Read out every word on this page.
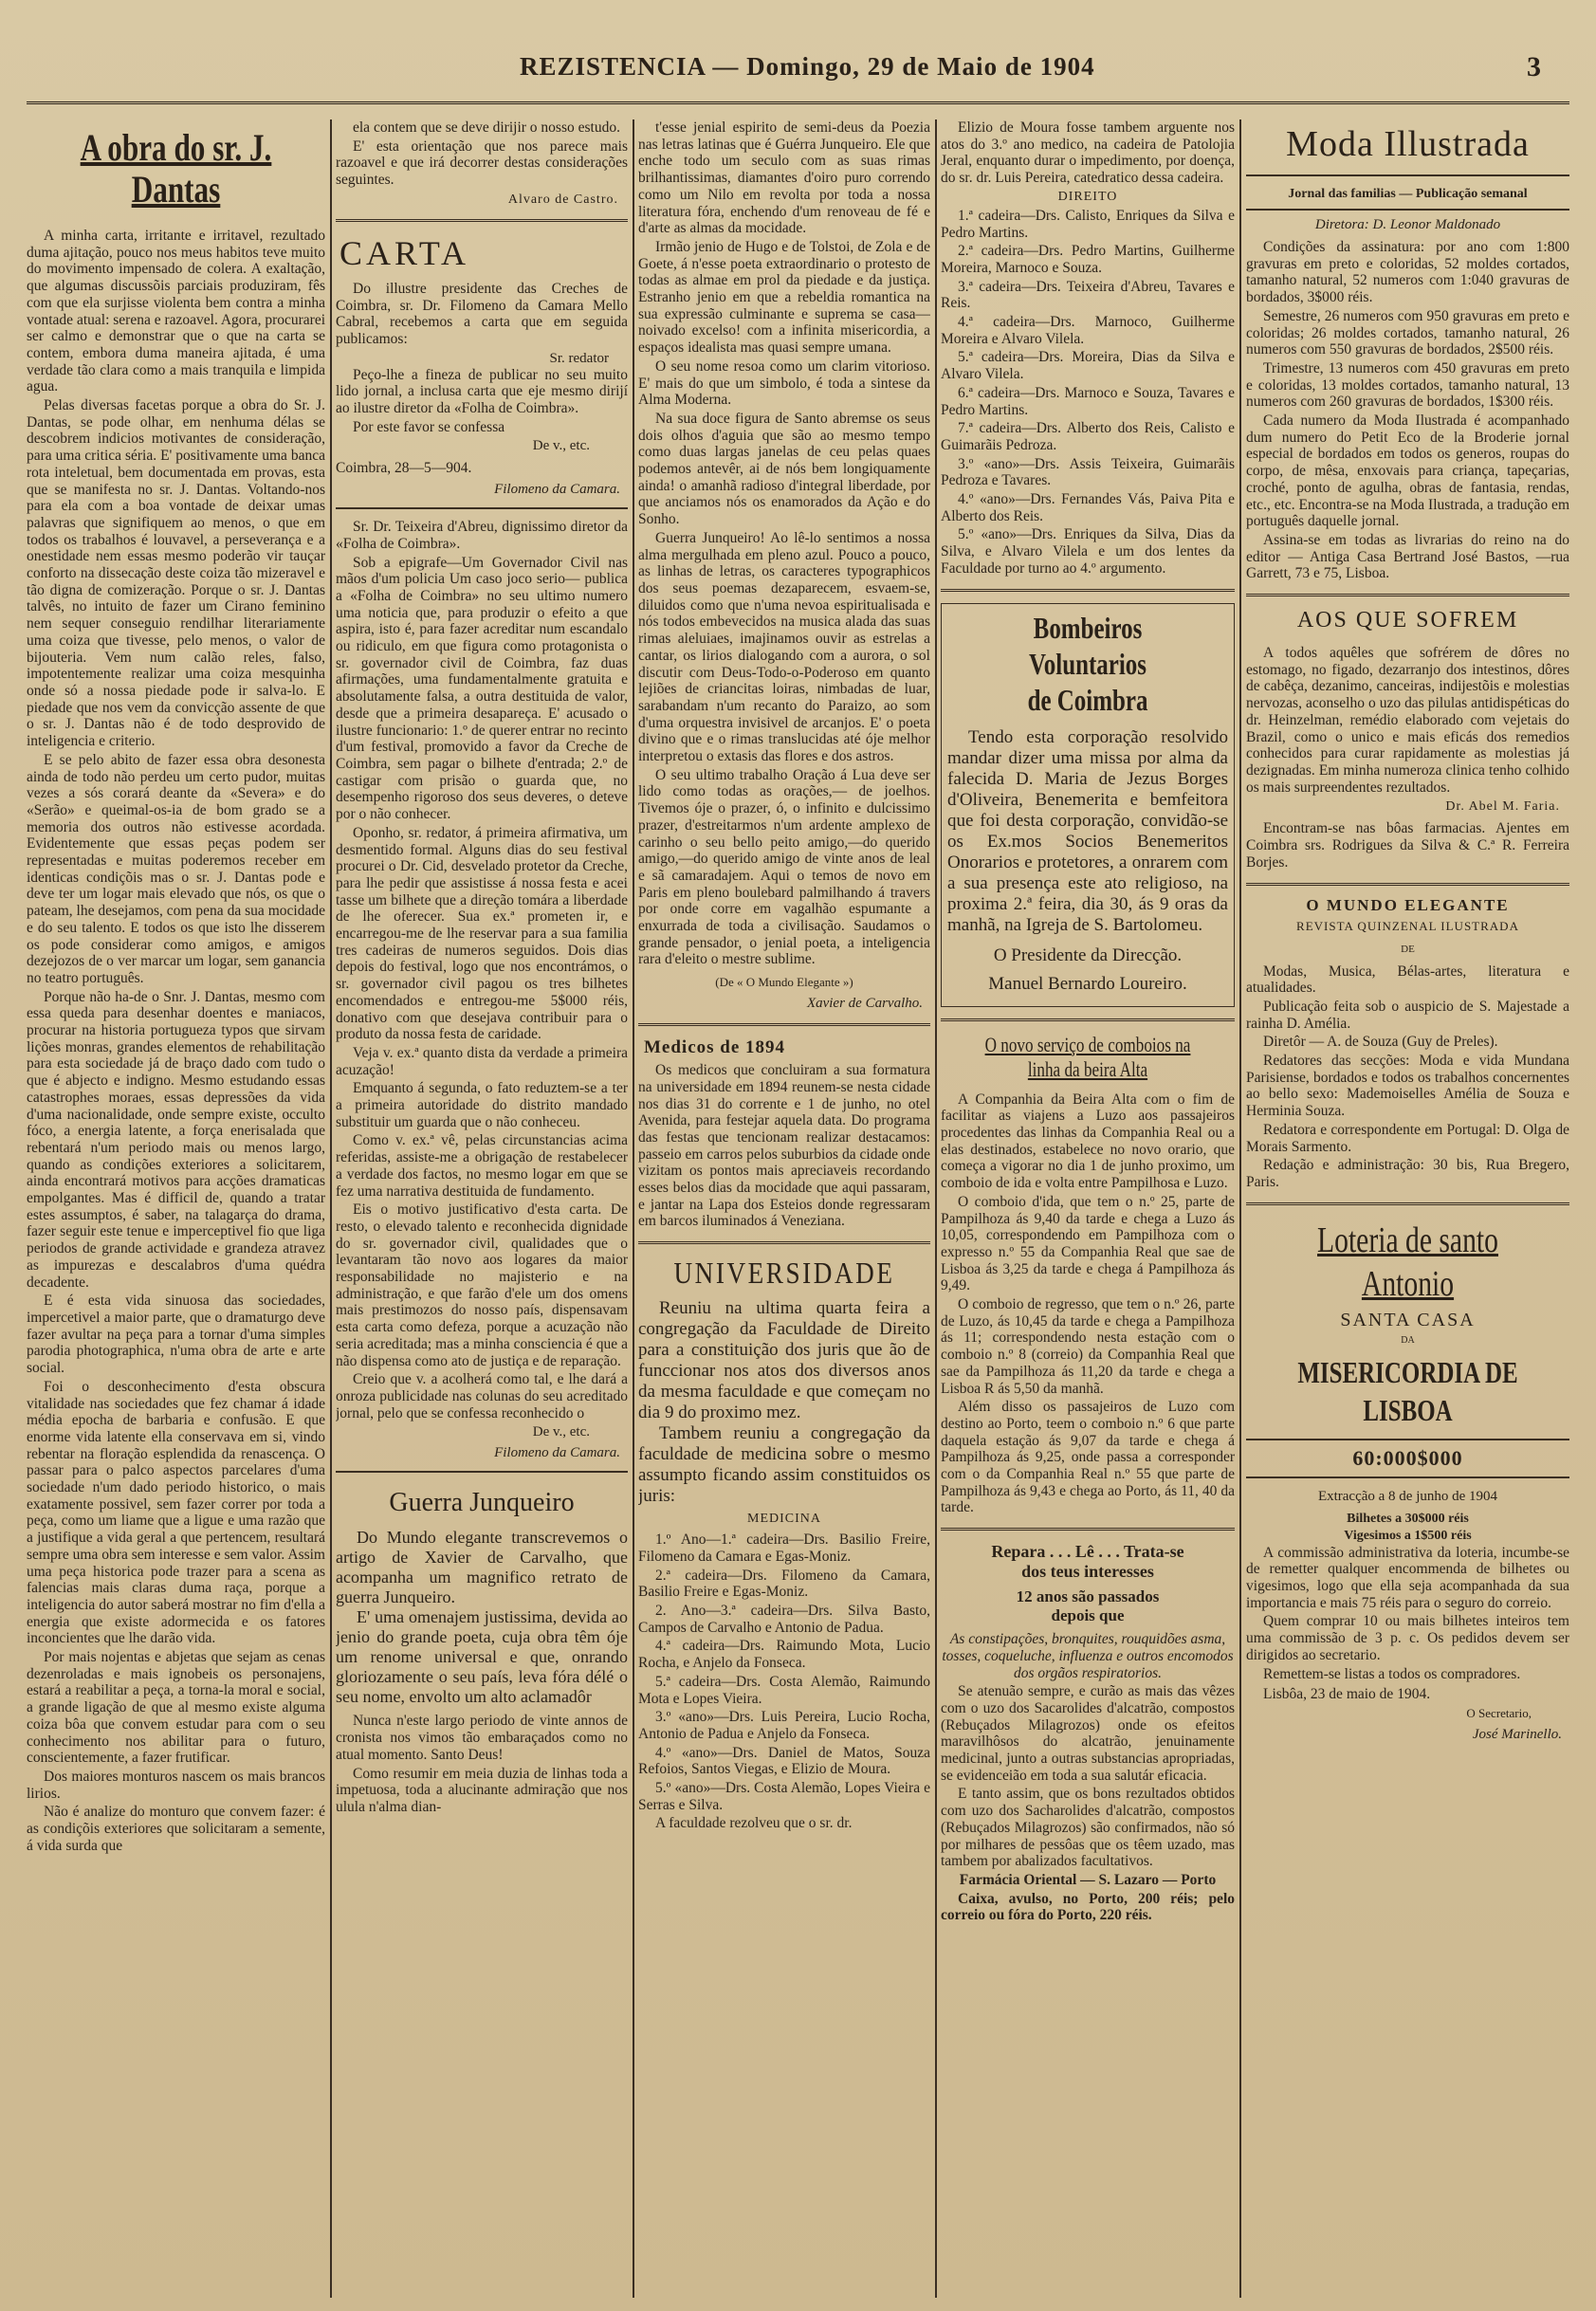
REZISTENCIA — Domingo, 29 de Maio de 1904	3
A obra do sr. J. Dantas

A minha carta, irritante e irritavel, rezultado duma ajitação, pouco nos meus habitos teve muito do movimento impensado de colera. A exaltação, que algumas discussõis parciais produziram, fês com que ela surjisse violenta bem contra a minha vontade atual: serena e razoavel. Agora, procurarei ser calmo e demonstrar que o que na carta se contem, embora duma maneira ajitada, é uma verdade tão clara como a mais tranquila e limpida agua.

Pelas diversas facetas porque a obra do Sr. J. Dantas, se pode olhar, em nenhuma délas se descobrem indicios motivantes de consideração, para uma critica séria. E' positivamente uma banca rota inteletual, bem documentada em provas, esta que se manifesta no sr. J. Dantas. Voltando-nos para ela com a boa vontade de deixar umas palavras que signifiquem ao menos, o que em todos os trabalhos é louvavel, a perseverança e a onestidade nem essas mesmo poderão vir tauçar conforto na dissecação deste coiza tão mizeravel e tão digna de comizeração. Porque o sr. J. Dantas talvês, no intuito de fazer um Cirano feminino nem sequer conseguio rendilhar literariamente uma coiza que tivesse, pelo menos, o valor de bijouteria. Vem num calão reles, falso, impotentemente realizar uma coiza mesquinha onde só a nossa piedade pode ir salva-lo. E piedade que nos vem da convicção assente de que o sr. J. Dantas não é de todo desprovido de inteligencia e criterio.

E se pelo abito de fazer essa obra desonesta ainda de todo não perdeu um certo pudor, muitas vezes a sós corará deante da «Severa» e do «Serão» e queimal-os-ia de bom grado se a memoria dos outros não estivesse acordada. Evidentemente que essas peças podem ser representadas e muitas poderemos receber em identicas condiçõis mas o sr. J. Dantas pode e deve ter um logar mais elevado que nós, os que o pateam, lhe desejamos, com pena da sua mocidade e do seu talento. E todos os que isto lhe disserem os pode considerar como amigos, e amigos dezejozos de o ver marcar um logar, sem ganancia no teatro português.

Porque não ha-de o Snr. J. Dantas, mesmo com essa queda para desenhar doentes e maniacos, procurar na historia portugueza typos que sirvam lições monras, grandes elementos de rehabilitação para esta sociedade já de braço dado com tudo o que é abjecto e indigno. Mesmo estudando essas catastrophes moraes, essas depressões da vida d'uma nacionalidade, onde sempre existe, occulto fóco, a energia latente, a força enerisalada que rebentará n'um periodo mais ou menos largo, quando as condições exteriores a solicitarem, ainda encontrará motivos para acções dramaticas empolgantes. Mas é difficil de, quando a tratar estes assumptos, é saber, na talagarça do drama, fazer seguir este tenue e imperceptivel fio que liga periodos de grande actividade e grandeza atravez as impurezas e descalabros d'uma quédra decadente.

E é esta vida sinuosa das sociedades, impercetivel a maior parte, que o dramaturgo deve fazer avultar na peça para a tornar d'uma simples parodia photographica, n'uma obra de arte e arte social.

Foi o desconhecimento d'esta obscura vitalidade nas sociedades que fez chamar á idade média epocha de barbaria e confusão. E que enorme vida latente ella conservava em si, vindo rebentar na floração esplendida da renascença. O passar para o palco aspectos parcelares d'uma sociedade n'um dado periodo historico, o mais exatamente possivel, sem fazer correr por toda a peça, como um liame que a ligue e uma razão que a justifique a vida geral a que pertencem, resultará sempre uma obra sem interesse e sem valor. Assim uma peça historica pode trazer para a scena as falencias mais claras duma raça, porque a inteligencia do autor saberá mostrar no fim d'ella a energia que existe adormecida e os fatores inconcientes que lhe darão vida.

Por mais nojentas e abjetas que sejam as cenas dezenroladas e mais ignobeis os personajens, estará a reabilitar a peça, a torna-la moral e social, a grande ligação de que al mesmo existe alguma coiza bôa que convem estudar para com o seu conhecimento nos abilitar para o futuro, conscientemente, a fazer frutificar.

Dos maiores monturos nascem os mais brancos lirios.

Não é analize do monturo que convem fazer: é as condiçõis exteriores que solicitaram a semente, á vida surda que

ela contem que se deve dirijir o nosso estudo.

E' esta orientação que nos parece mais razoavel e que irá decorrer destas considerações seguintes.

Alvaro de Castro.

CARTA

Do illustre presidente das Creches de Coimbra, sr. Dr. Filomeno da Camara Mello Cabral, recebemos a carta que em seguida publicamos:

Sr. redator

Peço-lhe a fineza de publicar no seu muito lido jornal, a inclusa carta que eje mesmo dirijí ao ilustre diretor da «Folha de Coimbra».

Por este favor se confessa

De v., etc.

Coimbra, 28—5—904.

Filomeno da Camara.

Sr. Dr. Teixeira d'Abreu, dignissimo diretor da «Folha de Coimbra».

Sob a epigrafe—Um Governador Civil nas mãos d'um policia Um caso joco serio— publica a «Folha de Coimbra» no seu ultimo numero uma noticia que, para produzir o efeito a que aspira, isto é, para fazer acreditar num escandalo ou ridiculo, em que figura como protagonista o sr. governador civil de Coimbra, faz duas afirmações, uma fundamentalmente gratuita e absolutamente falsa, a outra destituida de valor, desde que a primeira desapareça. E' acusado o ilustre funcionario: 1.º de querer entrar no recinto d'um festival, promovido a favor da Creche de Coimbra, sem pagar o bilhete d'entrada; 2.º de castigar com prisão o guarda que, no desempenho rigoroso dos seus deveres, o deteve por o não conhecer.

Oponho, sr. redator, á primeira afirmativa, um desmentido formal. Alguns dias do seu festival procurei o Dr. Cid, desvelado protetor da Creche, para lhe pedir que assistisse á nossa festa e acei tasse um bilhete que a direção tomára a liberdade de lhe oferecer. Sua ex.ª prometen ir, e encarregou-me de lhe reservar para a sua familia tres cadeiras de numeros seguidos. Dois dias depois do festival, logo que nos encontrámos, o sr. governador civil pagou os tres bilhetes encomendados e entregou-me 5$000 réis, donativo com que desejava contribuir para o produto da nossa festa de caridade.

Veja v. ex.ª quanto dista da verdade a primeira acuzação!

Emquanto á segunda, o fato reduztem-se a ter a primeira autoridade do distrito mandado substituir um guarda que o não conheceu.

Como v. ex.ª vê, pelas circunstancias acima referidas, assiste-me a obrigação de restabelecer a verdade dos factos, no mesmo logar em que se fez uma narrativa destituida de fundamento.

Eis o motivo justificativo d'esta carta. De resto, o elevado talento e reconhecida dignidade do sr. governador civil, qualidades que o levantaram tão novo aos logares da maior responsabilidade no majisterio e na administração, e que farão d'ele um dos omens mais prestimozos do nosso país, dispensavam esta carta como defeza, porque a acuzação não seria acreditada; mas a minha consciencia é que a não dispensa como ato de justiça e de reparação.

Creio que v. a acolherá como tal, e lhe dará a onroza publicidade nas colunas do seu acreditado jornal, pelo que se confessa reconhecido o

De v., etc.

Filomeno da Camara.

Guerra Junqueiro

Do Mundo elegante transcrevemos o artigo de Xavier de Carvalho, que acompanha um magnifico retrato de guerra Junqueiro.

E' uma omenajem justissima, devida ao jenio do grande poeta, cuja obra têm óje um renome universal e que, onrando gloriozamente o seu país, leva fóra délé o seu nome, envolto um alto aclamadôr

Nunca n'este largo periodo de vinte annos de cronista nos vimos tão embaraçados como no atual momento. Santo Deus!

Como resumir em meia duzia de linhas toda a impetuosa, toda a alucinante admiração que nos ulula n'alma dian-

t'esse jenial espirito de semi-deus da Poezia nas letras latinas que é Guérra Junqueiro. Ele que enche todo um seculo com as suas rimas brilhantissimas, diamantes d'oiro puro correndo como um Nilo em revolta por toda a nossa literatura fóra, enchendo d'um renoveau de fé e d'arte as almas da mocidade.

Irmão jenio de Hugo e de Tolstoi, de Zola e de Goete, á n'esse poeta extraordinario o protesto de todas as almae em prol da piedade e da justiça. Estranho jenio em que a rebeldia romantica na sua expressão culminante e suprema se casa—noivado excelso! com a infinita misericordia, a espaços idealista mas quasi sempre umana.

O seu nome resoa como um clarim vitorioso. E' mais do que um simbolo, é toda a sintese da Alma Moderna.

Na sua doce figura de Santo abremse os seus dois olhos d'aguia que são ao mesmo tempo como duas largas janelas de ceu pelas quaes podemos antevêr, ai de nós bem longiquamente ainda! o amanhã radioso d'integral liberdade, por que anciamos nós os enamorados da Ação e do Sonho.

Guerra Junqueiro! Ao lê-lo sentimos a nossa alma mergulhada em pleno azul. Pouco a pouco, as linhas de letras, os caracteres typographicos dos seus poemas dezaparecem, esvaem-se, diluidos como que n'uma nevoa espiritualisada e nós todos embevecidos na musica alada das suas rimas aleluiaes, imajinamos ouvir as estrelas a cantar, os lirios dialogando com a aurora, o sol discutir com Deus-Todo-o-Poderoso em quanto lejiões de criancitas loiras, nimbadas de luar, sarabandam n'um recanto do Paraizo, ao som d'uma orquestra invisivel de arcanjos. E' o poeta divino que e o rimas translucidas até óje melhor interpretou o extasis das flores e dos astros.

O seu ultimo trabalho Oração á Lua deve ser lido como todas as orações,— de joelhos. Tivemos óje o prazer, ó, o infinito e dulcissimo prazer, d'estreitarmos n'um ardente amplexo de carinho o seu bello peito amigo,—do querido amigo,—do querido amigo de vinte anos de leal e sã camaradajem. Aqui o temos de novo em Paris em pleno boulebard palmilhando á travers por onde corre em vagalhão espumante a enxurrada de toda a civilisação. Saudamos o grande pensador, o jenial poeta, a inteligencia rara d'eleito o mestre sublime.

(De « O Mundo Elegante »)

Xavier de Carvalho.

Medicos de 1894

Os medicos que concluiram a sua formatura na universidade em 1894 reunem-se nesta cidade nos dias 31 do corrente e 1 de junho, no otel Avenida, para festejar aquela data. Do programa das festas que tencionam realizar destacamos: passeio em carros pelos suburbios da cidade onde vizitam os pontos mais apreciaveis recordando esses belos dias da mocidade que aqui passaram, e jantar na Lapa dos Esteios donde regressaram em barcos iluminados á Veneziana.

UNIVERSIDADE

Reuniu na ultima quarta feira a congregação da Faculdade de Direito para a constituição dos juris que ão de funccionar nos atos dos diversos anos da mesma faculdade e que começam no dia 9 do proximo mez.

Tambem reuniu a congregação da faculdade de medicina sobre o mesmo assumpto ficando assim constituidos os juris:

MEDICINA

1.º Ano—1.ª cadeira—Drs. Basilio Freire, Filomeno da Camara e Egas-Moniz.

2.ª cadeira—Drs. Filomeno da Camara, Basilio Freire e Egas-Moniz.

2. Ano—3.ª cadeira—Drs. Silva Basto, Campos de Carvalho e Antonio de Padua.

4.ª cadeira—Drs. Raimundo Mota, Lucio Rocha, e Anjelo da Fonseca.

5.ª cadeira—Drs. Costa Alemão, Raimundo Mota e Lopes Vieira.

3.º «ano»—Drs. Luis Pereira, Lucio Rocha, Antonio de Padua e Anjelo da Fonseca.

4.º «ano»—Drs. Daniel de Matos, Souza Refoios, Santos Viegas, e Elizio de Moura.

5.º «ano»—Drs. Costa Alemão, Lopes Vieira e Serras e Silva.

A faculdade rezolveu que o sr. dr.

Elizio de Moura fosse tambem arguente nos atos do 3.º ano medico, na cadeira de Patolojia Jeral, enquanto durar o impedimento, por doença, do sr. dr. Luis Pereira, catedratico dessa cadeira.

DIREITO

1.ª cadeira—Drs. Calisto, Enriques da Silva e Pedro Martins.

2.ª cadeira—Drs. Pedro Martins, Guilherme Moreira, Marnoco e Souza.

3.ª cadeira—Drs. Teixeira d'Abreu, Tavares e Reis.

4.ª cadeira—Drs. Marnoco, Guilherme Moreira e Alvaro Vilela.

5.ª cadeira—Drs. Moreira, Dias da Silva e Alvaro Vilela.

6.ª cadeira—Drs. Marnoco e Souza, Tavares e Pedro Martins.

7.ª cadeira—Drs. Alberto dos Reis, Calisto e Guimarãis Pedroza.

3.º «ano»—Drs. Assis Teixeira, Guimarãis Pedroza e Tavares.

4.º «ano»—Drs. Fernandes Vás, Paiva Pita e Alberto dos Reis.

5.º «ano»—Drs. Enriques da Silva, Dias da Silva, e Alvaro Vilela e um dos lentes da Faculdade por turno ao 4.º argumento.

Bombeiros Voluntarios
de Coimbra

Tendo esta corporação resolvido mandar dizer uma missa por alma da falecida D. Maria de Jezus Borges d'Oliveira, Benemerita e bemfeitora que foi desta corporação, convidão-se os Ex.mos Socios Benemeritos Onorarios e protetores, a onrarem com a sua presença este ato religioso, na proxima 2.ª feira, dia 30, ás 9 oras da manhã, na Igreja de S. Bartolomeu.

O Presidente da Direcção.

Manuel Bernardo Loureiro.

O novo serviço de comboios na linha da beira Alta

A Companhia da Beira Alta com o fim de facilitar as viajens a Luzo aos passajeiros procedentes das linhas da Companhia Real ou a elas destinados, estabelece no novo orario, que começa a vigorar no dia 1 de junho proximo, um comboio de ida e volta entre Pampilhosa e Luzo.

O comboio d'ida, que tem o n.º 25, parte de Pampilhoza ás 9,40 da tarde e chega a Luzo ás 10,05, correspondendo em Pampilhoza com o expresso n.º 55 da Companhia Real que sae de Lisboa ás 3,25 da tarde e chega á Pampilhoza ás 9,49.

O comboio de regresso, que tem o n.º 26, parte de Luzo, ás 10,45 da tarde e chega a Pampilhoza ás 11; correspondendo nesta estação com o comboio n.º 8 (correio) da Companhia Real que sae da Pampilhoza ás 11,20 da tarde e chega a Lisboa R ás 5,50 da manhã.

Além disso os passajeiros de Luzo com destino ao Porto, teem o comboio n.º 6 que parte daquela estação ás 9,07 da tarde e chega á Pampilhoza ás 9,25, onde passa a corresponder com o da Companhia Real n.º 55 que parte de Pampilhoza ás 9,43 e chega ao Porto, ás 11, 40 da tarde.

Repara . . . Lê . . . Trata-se
dos teus interesses
12 anos são passados
depois que

As constipações, bronquites, rouquidões asma, tosses, coqueluche, influenza e outros encomodos dos orgãos respiratorios.

Se atenuão sempre, e curão as mais das vêzes com o uzo dos Sacarolides d'alcatrão, compostos (Rebuçados Milagrozos) onde os efeitos maravilhôsos do alcatrão, jenuinamente medicinal, junto a outras substancias apropriadas, se evidenceião em toda a sua salutár eficacia.

E tanto assim, que os bons rezultados obtidos com uzo dos Sacharolides d'alcatrão, compostos (Rebuçados Milagrozos) são confirmados, não só por milhares de pessôas que os têem uzado, mas tambem por abalizados facultativos.

Farmácia Oriental — S. Lazaro — Porto

Caixa, avulso, no Porto, 200 réis; pelo correio ou fóra do Porto, 220 réis.

Moda Illustrada

Jornal das familias — Publicação semanal

Diretora: D. Leonor Maldonado

Condições da assinatura: por ano com 1:800 gravuras em preto e coloridas, 52 moldes cortados, tamanho natural, 52 numeros com 1:040 gravuras de bordados, 3$000 réis.

Semestre, 26 numeros com 950 gravuras em preto e coloridas; 26 moldes cortados, tamanho natural, 26 numeros com 550 gravuras de bordados, 2$500 réis.

Trimestre, 13 numeros com 450 gravuras em preto e coloridas, 13 moldes cortados, tamanho natural, 13 numeros com 260 gravuras de bordados, 1$300 réis.

Cada numero da Moda Ilustrada é acompanhado dum numero do Petit Eco de la Broderie jornal especial de bordados em todos os generos, roupas do corpo, de mêsa, enxovais para criança, tapeçarias, croché, ponto de agulha, obras de fantasia, rendas, etc., etc. Encontra-se na Moda Ilustrada, a tradução em português daquelle jornal.

Assina-se em todas as livrarias do reino na do editor — Antiga Casa Bertrand José Bastos, —rua Garrett, 73 e 75, Lisboa.

AOS QUE SOFREM

A todos aquêles que sofrérem de dôres no estomago, no figado, dezarranjo dos intestinos, dôres de cabêça, dezanimo, canceiras, indijestõis e molestias nervozas, aconselho o uzo das pilulas antidispéticas do dr. Heinzelman, remédio elaborado com vejetais do Brazil, como o unico e mais eficás dos remedios conhecidos para curar rapidamente as molestias já dezignadas. Em minha numeroza clinica tenho colhido os mais surpreendentes rezultados.

Dr. Abel M. Faria.

Encontram-se nas bôas farmacias. Ajentes em Coimbra srs. Rodrigues da Silva & C.ª R. Ferreira Borjes.

O MUNDO ELEGANTE

REVISTA QUINZENAL ILUSTRADA

DE

Modas, Musica, Bélas-artes, literatura e atualidades.

Publicação feita sob o auspicio de S. Majestade a rainha D. Amélia.

Diretôr — A. de Souza (Guy de Preles).

Redatores das secções: Moda e vida Mundana Parisiense, bordados e todos os trabalhos concernentes ao bello sexo: Mademoiselles Amélia de Souza e Herminia Souza.

Redatora e correspondente em Portugal: D. Olga de Morais Sarmento.

Redação e administração: 30 bis, Rua Bregero, Paris.

Loteria de santo Antonio

SANTA CASA

DA

MISERICORDIA DE LISBOA

60:000$000

Extracção a 8 de junho de 1904

Bilhetes a 30$000 réis

Vigesimos a 1$500 réis

A commissão administrativa da loteria, incumbe-se de remetter qualquer encommenda de bilhetes ou vigesimos, logo que ella seja acompanhada da sua importancia e mais 75 réis para o seguro do correio.

Quem comprar 10 ou mais bilhetes inteiros tem uma commissão de 3 p. c. Os pedidos devem ser dirigidos ao secretario.

Remettem-se listas a todos os compradores.

Lisbôa, 23 de maio de 1904.

O Secretario,

José Marinello.
